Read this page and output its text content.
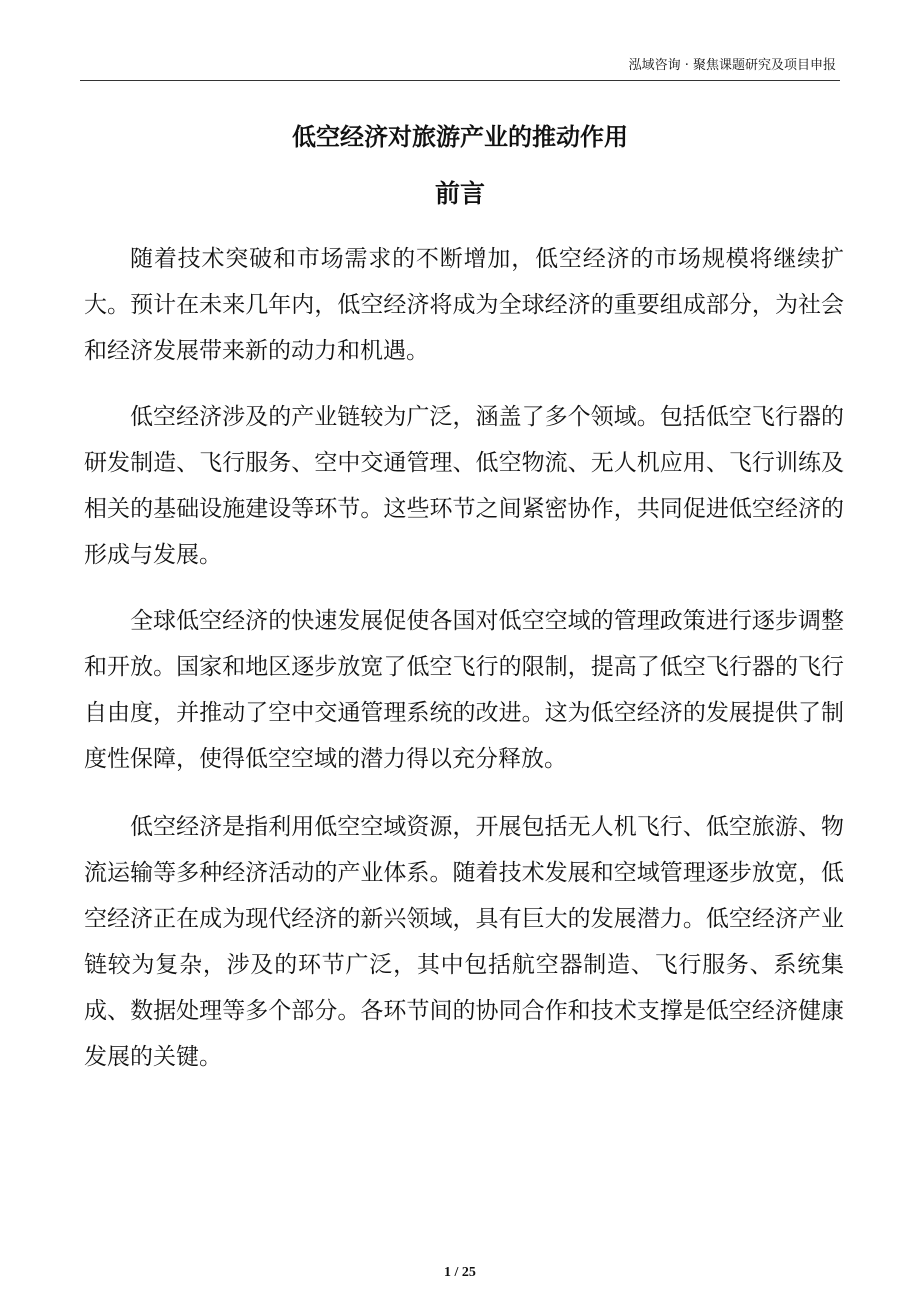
泓域咨询 · 聚焦课题研究及项目申报
低空经济对旅游产业的推动作用
前言

随着技术突破和市场需求的不断增加，低空经济的市场规模将继续扩大。预计在未来几年内，低空经济将成为全球经济的重要组成部分，为社会和经济发展带来新的动力和机遇。

低空经济涉及的产业链较为广泛，涵盖了多个领域。包括低空飞行器的研发制造、飞行服务、空中交通管理、低空物流、无人机应用、飞行训练及相关的基础设施建设等环节。这些环节之间紧密协作，共同促进低空经济的形成与发展。

全球低空经济的快速发展促使各国对低空空域的管理政策进行逐步调整和开放。国家和地区逐步放宽了低空飞行的限制，提高了低空飞行器的飞行自由度，并推动了空中交通管理系统的改进。这为低空经济的发展提供了制度性保障，使得低空空域的潜力得以充分释放。

低空经济是指利用低空空域资源，开展包括无人机飞行、低空旅游、物流运输等多种经济活动的产业体系。随着技术发展和空域管理逐步放宽，低空经济正在成为现代经济的新兴领域，具有巨大的发展潜力。低空经济产业链较为复杂，涉及的环节广泛，其中包括航空器制造、飞行服务、系统集成、数据处理等多个部分。各环节间的协同合作和技术支撑是低空经济健康发展的关键。

1 / 25
